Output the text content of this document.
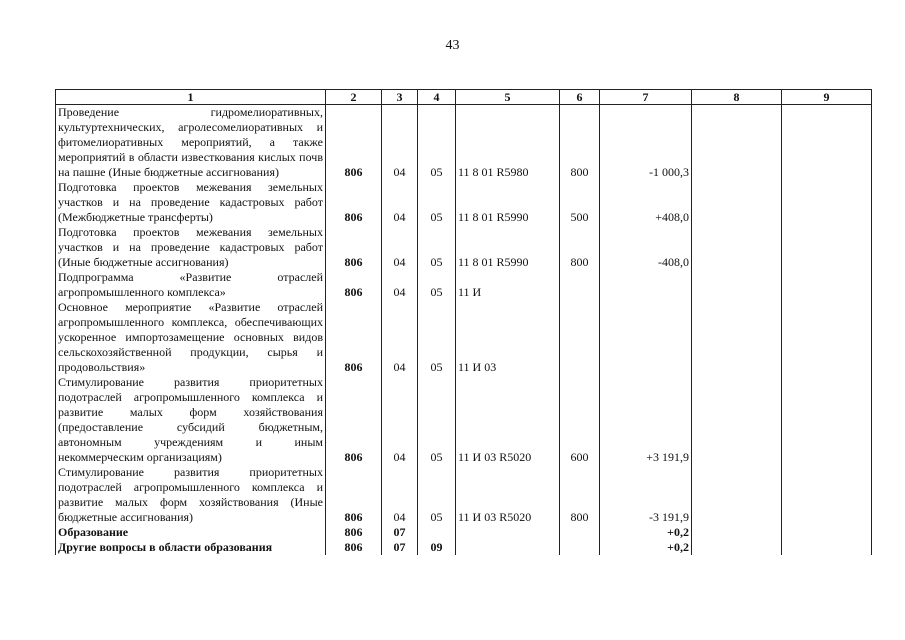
43
1	2	3	4	5	6	7	8	9
Проведение гидромелиоративных, культуртехнических, агролесомелиоративных и фитомелиоративных мероприятий, а также мероприятий в области известкования кислых почв на пашне (Иные бюджетные ассигнования)	806	04	05	11 8 01 R5980	800	-1 000,3		
Подготовка проектов межевания земельных участков и на проведение кадастровых работ (Межбюджетные трансферты)	806	04	05	11 8 01 R5990	500	+408,0		
Подготовка проектов межевания земельных участков и на проведение кадастровых работ (Иные бюджетные ассигнования)	806	04	05	11 8 01 R5990	800	-408,0		
Подпрограмма «Развитие отраслей агропромышленного комплекса»	806	04	05	11 И				
Основное мероприятие «Развитие отраслей агропромышленного комплекса, обеспечивающих ускоренное импортозамещение основных видов сельскохозяйственной продукции, сырья и продовольствия»	806	04	05	11 И 03				
Стимулирование развития приоритетных подотраслей агропромышленного комплекса и развитие малых форм хозяйствования (предоставление субсидий бюджетным, автономным учреждениям и иным некоммерческим организациям)	806	04	05	11 И 03 R5020	600	+3 191,9		
Стимулирование развития приоритетных подотраслей агропромышленного комплекса и развитие малых форм хозяйствования (Иные бюджетные ассигнования)	806	04	05	11 И 03 R5020	800	-3 191,9		
Образование	806	07				+0,2		
Другие вопросы в области образования	806	07	09			+0,2		
